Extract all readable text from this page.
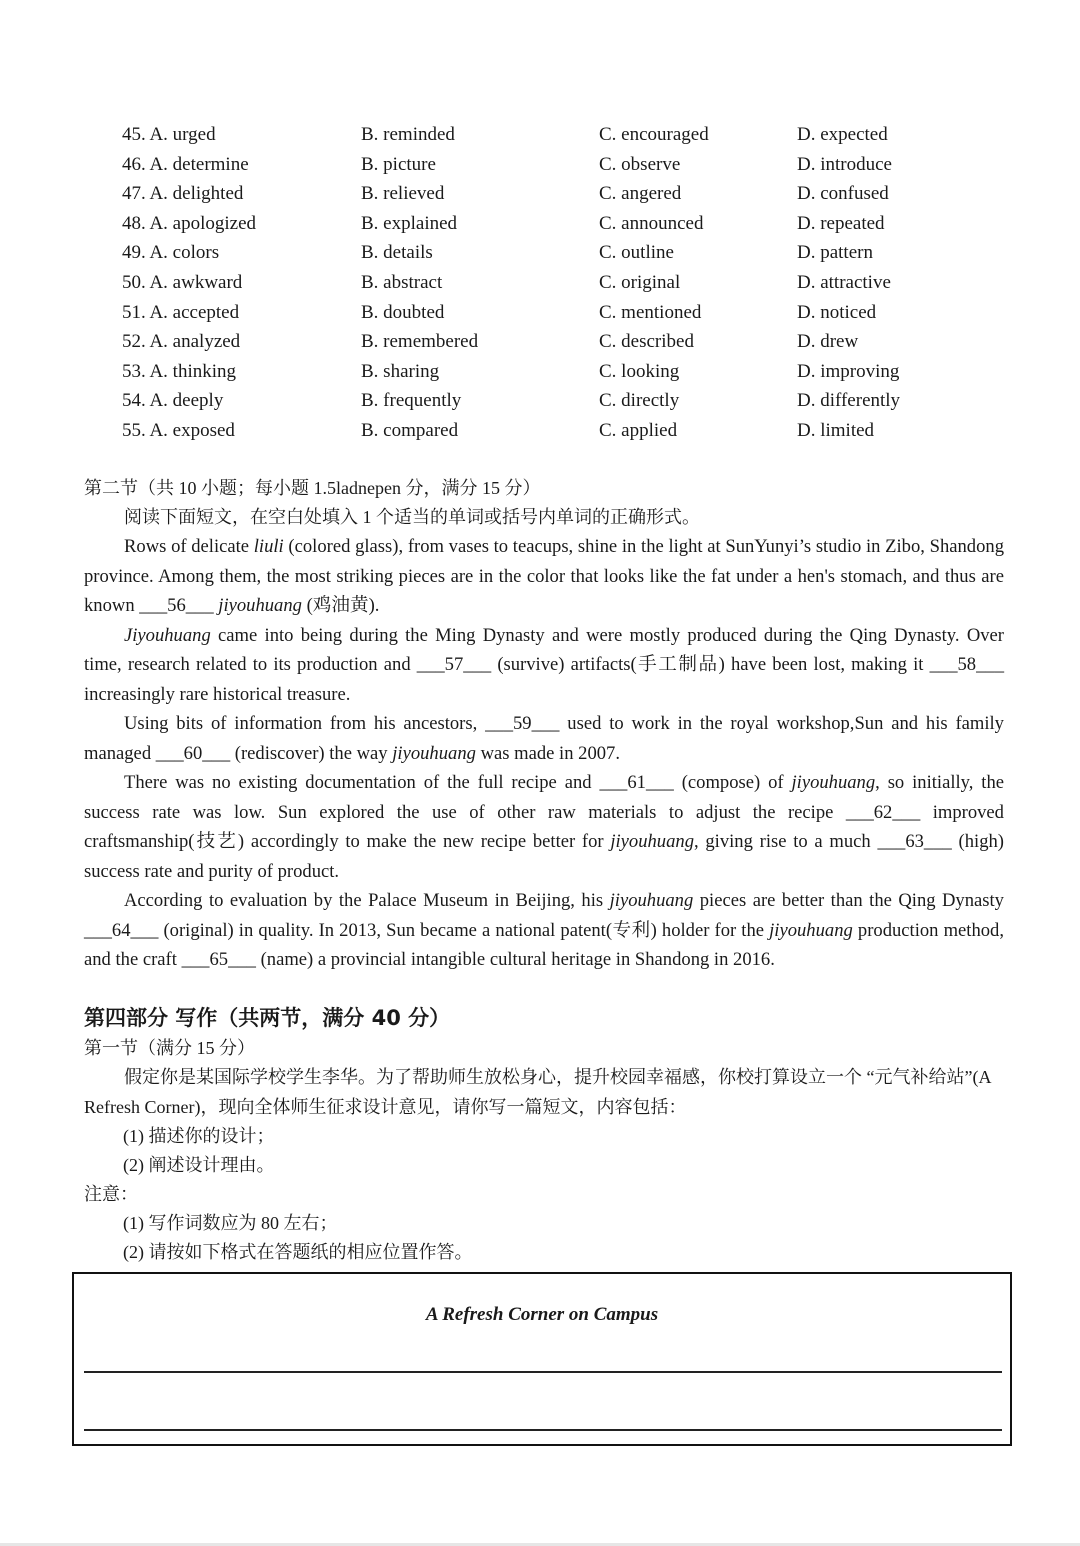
45. A. urged	B. reminded	C. encouraged	D. expected
46. A. determine	B. picture	C. observe	D. introduce
47. A. delighted	B. relieved	C. angered	D. confused
48. A. apologized	B. explained	C. announced	D. repeated
49. A. colors	B. details	C. outline	D. pattern
50. A. awkward	B. abstract	C. original	D. attractive
51. A. accepted	B. doubted	C. mentioned	D. noticed
52. A. analyzed	B. remembered	C. described	D. drew
53. A. thinking	B. sharing	C. looking	D. improving
54. A. deeply	B. frequently	C. directly	D. differently
55. A. exposed	B. compared	C. applied	D. limited
第二节（共 10 小题；每小题 1.5ladnepen 分，满分 15 分）
阅读下面短文，在空白处填入 1 个适当的单词或括号内单词的正确形式。

Rows of delicate liuli (colored glass), from vases to teacups, shine in the light at SunYunyi’s studio in Zibo, Shandong province. Among them, the most striking pieces are in the color that looks like the fat under a hen's stomach, and thus are known ___56___ jiyouhuang (鸡油黄).

Jiyouhuang came into being during the Ming Dynasty and were mostly produced during the Qing Dynasty. Over time, research related to its production and ___57___ (survive) artifacts(手工制品) have been lost, making it ___58___ increasingly rare historical treasure.

Using bits of information from his ancestors, ___59___ used to work in the royal workshop,Sun and his family managed ___60___ (rediscover) the way jiyouhuang was made in 2007.

There was no existing documentation of the full recipe and ___61___ (compose) of jiyouhuang, so initially, the success rate was low. Sun explored the use of other raw materials to adjust the recipe ___62___ improved craftsmanship(技艺) accordingly to make the new recipe better for jiyouhuang, giving rise to a much ___63___ (high) success rate and purity of product.

According to evaluation by the Palace Museum in Beijing, his jiyouhuang pieces are better than the Qing Dynasty ___64___ (original) in quality. In 2013, Sun became a national patent(专利) holder for the jiyouhuang production method, and the craft ___65___ (name) a provincial intangible cultural heritage in Shandong in 2016.

第四部分 写作（共两节，满分 40 分）
第一节（满分 15 分）

假定你是某国际学校学生李华。为了帮助师生放松身心，提升校园幸福感，你校打算设立一个 “元气补给站”(A Refresh Corner)，现向全体师生征求设计意见，请你写一篇短文，内容包括：

(1) 描述你的设计；
(2) 阐述设计理由。
注意：
(1) 写作词数应为 80 左右；
(2) 请按如下格式在答题纸的相应位置作答。
A Refresh Corner on Campus
